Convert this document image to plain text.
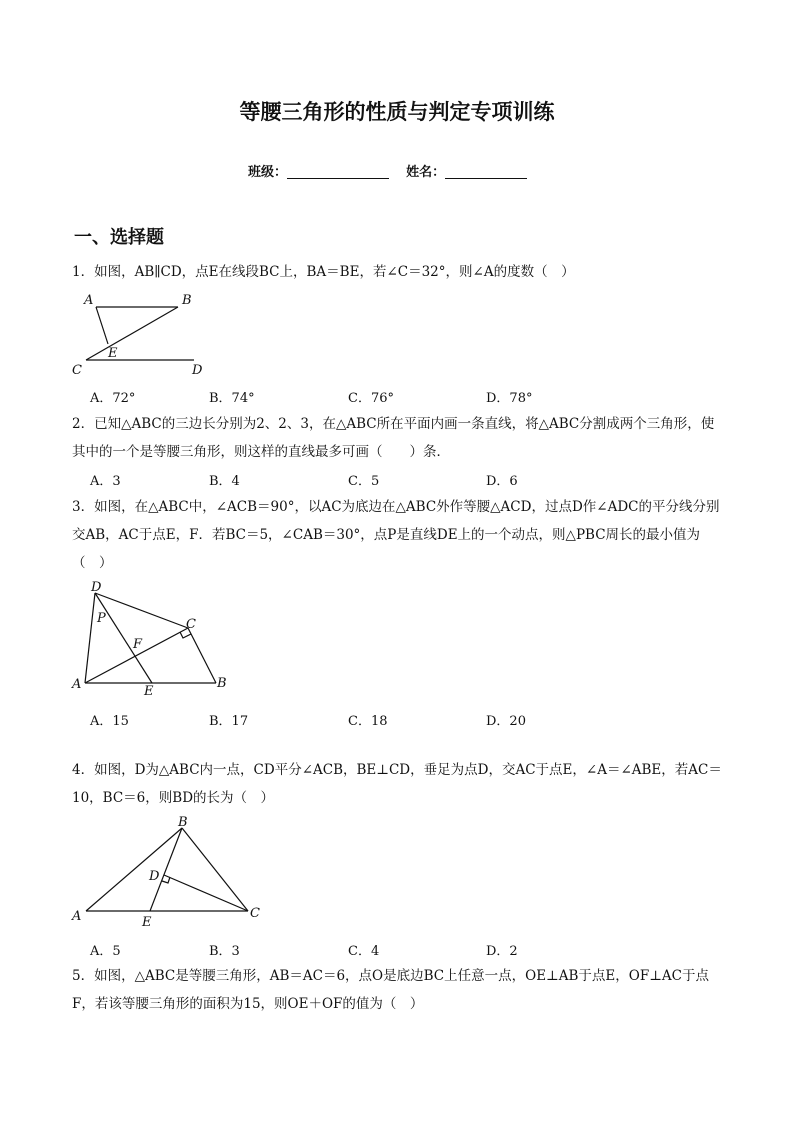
等腰三角形的性质与判定专项训练
班级：	姓名：
一、选择题
1．如图，AB∥CD，点E在线段BC上，BA＝BE，若∠C＝32°，则∠A的度数（　）
A	B
E
C	D
A．72°	B．74°	C．76°	D．78°
2．已知△ABC的三边长分别为2、2、3，在△ABC所在平面内画一条直线，将△ABC分割成两个三角形，使其中的一个是等腰三角形，则这样的直线最多可画（　　）条．
A．3	B．4	C．5	D．6
3．如图，在△ABC中，∠ACB＝90°，以AC为底边在△ABC外作等腰△ACD，过点D作∠ADC的平分线分别交AB，AC于点E，F．若BC＝5，∠CAB＝30°，点P是直线DE上的一个动点，则△PBC周长的最小值为（　）
D
P	C
F
A	E
B
A．15	B．17	C．18	D．20
4．如图，D为△ABC内一点，CD平分∠ACB，BE⊥CD，垂足为点D，交AC于点E，∠A＝∠ABE，若AC＝10，BC＝6，则BD的长为（　）
B
D
A	E
C
A．5	B．3	C．4	D．2
5．如图，△ABC是等腰三角形，AB＝AC＝6，点O是底边BC上任意一点，OE⊥AB于点E，OF⊥AC于点F，若该等腰三角形的面积为15，则OE＋OF的值为（　）
